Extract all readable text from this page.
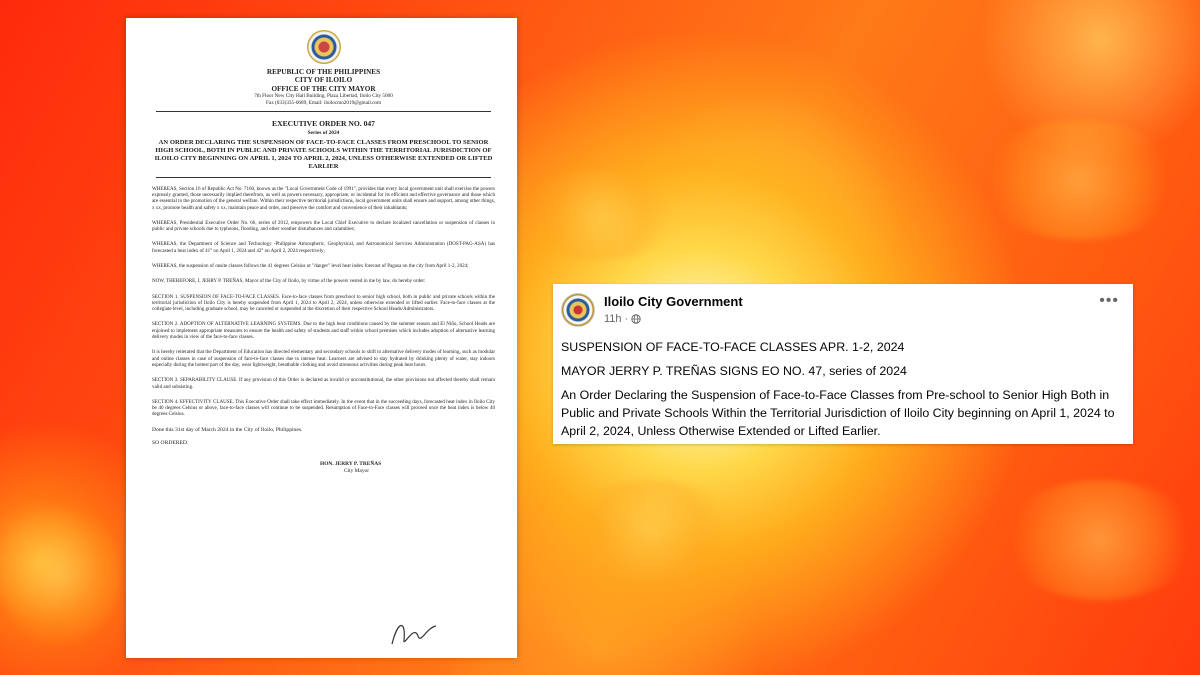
REPUBLIC OF THE PHILIPPINES
CITY OF ILOILO
OFFICE OF THE CITY MAYOR
7th Floor New City Hall Building, Plaza Libertad, Iloilo City 5000
Fax (033)335-0689, Email: iloilocmo2019@gmail.com
EXECUTIVE ORDER NO. 047
Series of 2024
AN ORDER DECLARING THE SUSPENSION OF FACE-TO-FACE CLASSES FROM PRESCHOOL TO SENIOR HIGH SCHOOL, BOTH IN PUBLIC AND PRIVATE SCHOOLS WITHIN THE TERRITORIAL JURISDICTION OF ILOILO CITY BEGINNING ON APRIL 1, 2024 TO APRIL 2, 2024, UNLESS OTHERWISE EXTENDED OR LIFTED EARLIER
WHEREAS, Section 16 of Republic Act No. 7160, known as the "Local Government Code of 1991", provides that every local government unit shall exercise the powers expressly granted, those necessarily implied therefrom, as well as powers necessary, appropriate, or incidental for its efficient and effective governance and those which are essential to the promotion of the general welfare. Within their respective territorial jurisdictions, local government units shall ensure and support, among other things, x xx, promote health and safety x xx, maintain peace and order, and preserve the comfort and convenience of their inhabitants;
WHEREAS, Presidential Executive Order No. 66, series of 2012, empowers the Local Chief Executive to declare localized cancellation or suspension of classes in public and private schools due to typhoons, flooding, and other weather disturbances and calamities;
WHEREAS, the Department of Science and Technology -Philippine Atmospheric, Geophysical, and Astronomical Services Administration (DOST-PAG-ASA) has forecasted a heat index of 41° on April 1, 2024 and 42° on April 2, 2024 respectively;
WHEREAS, the suspension of onsite classes follows the 41 degrees Celsius or "danger" level heat index forecast of Pagasa on the city from April 1-2, 2024;
NOW, THEREFORE, I, JERRY P. TREÑAS, Mayor of the City of Iloilo, by virtue of the powers vested in me by law, do hereby order:
SECTION 1. SUSPENSION OF FACE-TO-FACE CLASSES. Face-to-face classes from preschool to senior high school, both in public and private schools within the territorial jurisdiction of Iloilo City is hereby suspended from April 1, 2024 to April 2, 2024, unless otherwise extended or lifted earlier. Face-to-face classes at the collegiate level, including graduate school, may be canceled or suspended at the discretion of their respective School Heads/Administrators.
SECTION 2. ADOPTION OF ALTERNATIVE LEARNING SYSTEMS. Due to the high heat conditions caused by the summer season and El Niño, School Heads are enjoined to implement appropriate measures to ensure the health and safety of students and staff within school premises which includes adoption of alternative learning delivery modes in view of the face-to-face classes.
It is hereby reiterated that the Department of Education has directed elementary and secondary schools to shift to alternative delivery modes of learning, such as modular and online classes in case of suspension of face-to-face classes due to intense heat. Learners are advised to stay hydrated by drinking plenty of water, stay indoors especially during the hottest part of the day, wear lightweight, breathable clothing and avoid strenuous activities during peak heat hours.
SECTION 3. SEPARABILITY CLAUSE. If any provision of this Order is declared as invalid or unconstitutional, the other provisions not affected thereby shall remain valid and subsisting.
SECTION 4. EFFECTIVITY CLAUSE. This Executive Order shall take effect immediately. In the event that in the succeeding days, forecasted heat index in Iloilo City be 40 degrees Celsius or above, face-to-face classes will continue to be suspended. Resumption of Face-to-Face classes will proceed once the heat index is below 40 degrees Celsius.
Done this 31st day of March 2024 in the City of Iloilo, Philippines.
SO ORDERED.
HON. JERRY P. TREÑAS
City Mayor
Iloilo City Government
11h ·
•••

SUSPENSION OF FACE-TO-FACE CLASSES APR. 1-2, 2024

MAYOR JERRY P. TREÑAS SIGNS EO NO. 47, series of 2024

An Order Declaring the Suspension of Face-to-Face Classes from Pre-school to Senior High Both in Public and Private Schools Within the Territorial Jurisdiction of Iloilo City beginning on April 1, 2024 to April 2, 2024, Unless Otherwise Extended or Lifted Earlier.
